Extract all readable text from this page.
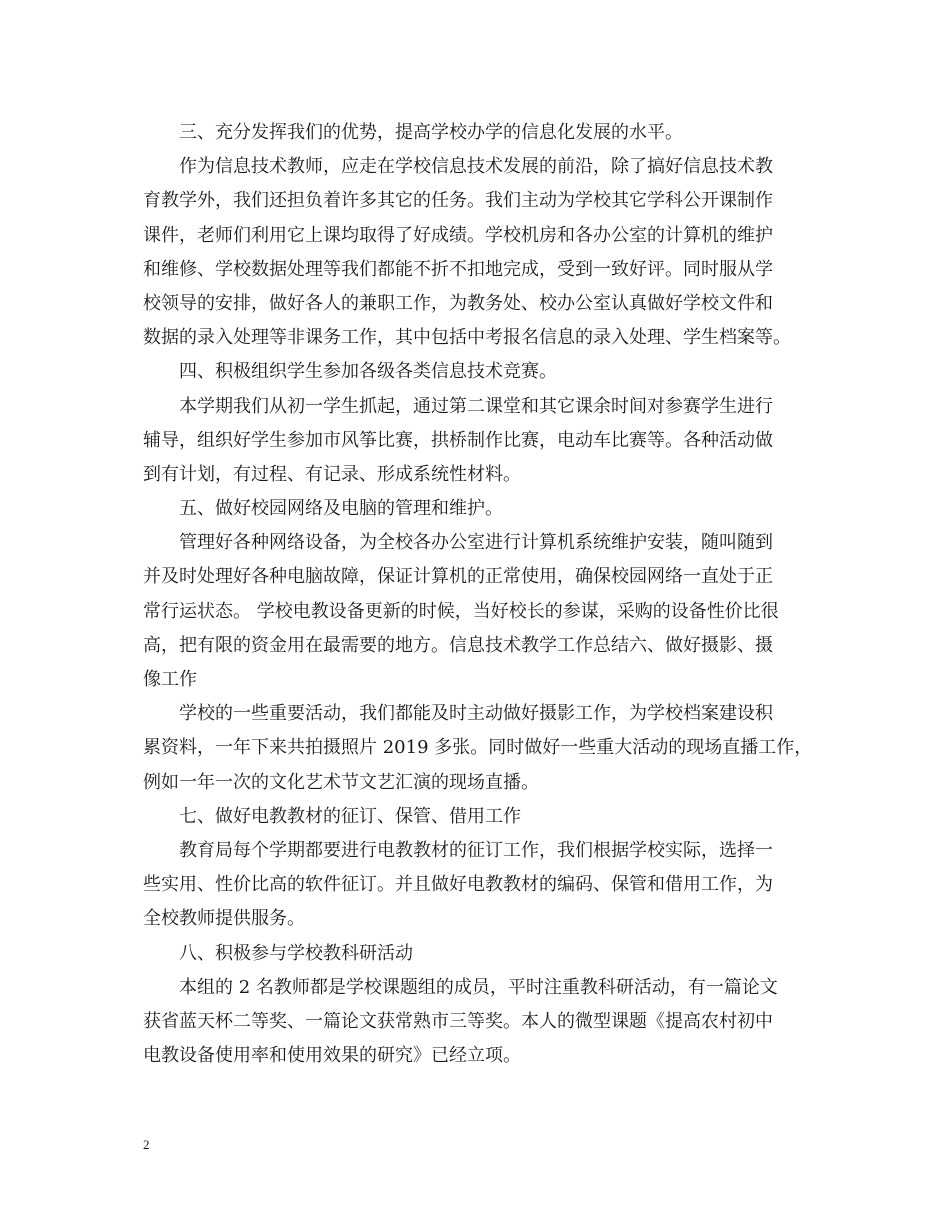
三、充分发挥我们的优势，提高学校办学的信息化发展的水平。
作为信息技术教师，应走在学校信息技术发展的前沿，除了搞好信息技术教
育教学外，我们还担负着许多其它的任务。我们主动为学校其它学科公开课制作
课件，老师们利用它上课均取得了好成绩。学校机房和各办公室的计算机的维护
和维修、学校数据处理等我们都能不折不扣地完成，受到一致好评。同时服从学
校领导的安排，做好各人的兼职工作，为教务处、校办公室认真做好学校文件和
数据的录入处理等非课务工作，其中包括中考报名信息的录入处理、学生档案等。
四、积极组织学生参加各级各类信息技术竞赛。
本学期我们从初一学生抓起，通过第二课堂和其它课余时间对参赛学生进行
辅导，组织好学生参加市风筝比赛，拱桥制作比赛，电动车比赛等。各种活动做
到有计划，有过程、有记录、形成系统性材料。
五、做好校园网络及电脑的管理和维护。
管理好各种网络设备，为全校各办公室进行计算机系统维护安装，随叫随到
并及时处理好各种电脑故障，保证计算机的正常使用，确保校园网络一直处于正
常行运状态。 学校电教设备更新的时候，当好校长的参谋，采购的设备性价比很
高，把有限的资金用在最需要的地方。信息技术教学工作总结六、做好摄影、摄
像工作
学校的一些重要活动，我们都能及时主动做好摄影工作，为学校档案建设积
累资料，一年下来共拍摄照片 2019 多张。同时做好一些重大活动的现场直播工作，
例如一年一次的文化艺术节文艺汇演的现场直播。
七、做好电教教材的征订、保管、借用工作
教育局每个学期都要进行电教教材的征订工作，我们根据学校实际，选择一
些实用、性价比高的软件征订。并且做好电教教材的编码、保管和借用工作，为
全校教师提供服务。
八、积极参与学校教科研活动
本组的 2 名教师都是学校课题组的成员，平时注重教科研活动，有一篇论文
获省蓝天杯二等奖、一篇论文获常熟市三等奖。本人的微型课题《提高农村初中
电教设备使用率和使用效果的研究》已经立项。
2
